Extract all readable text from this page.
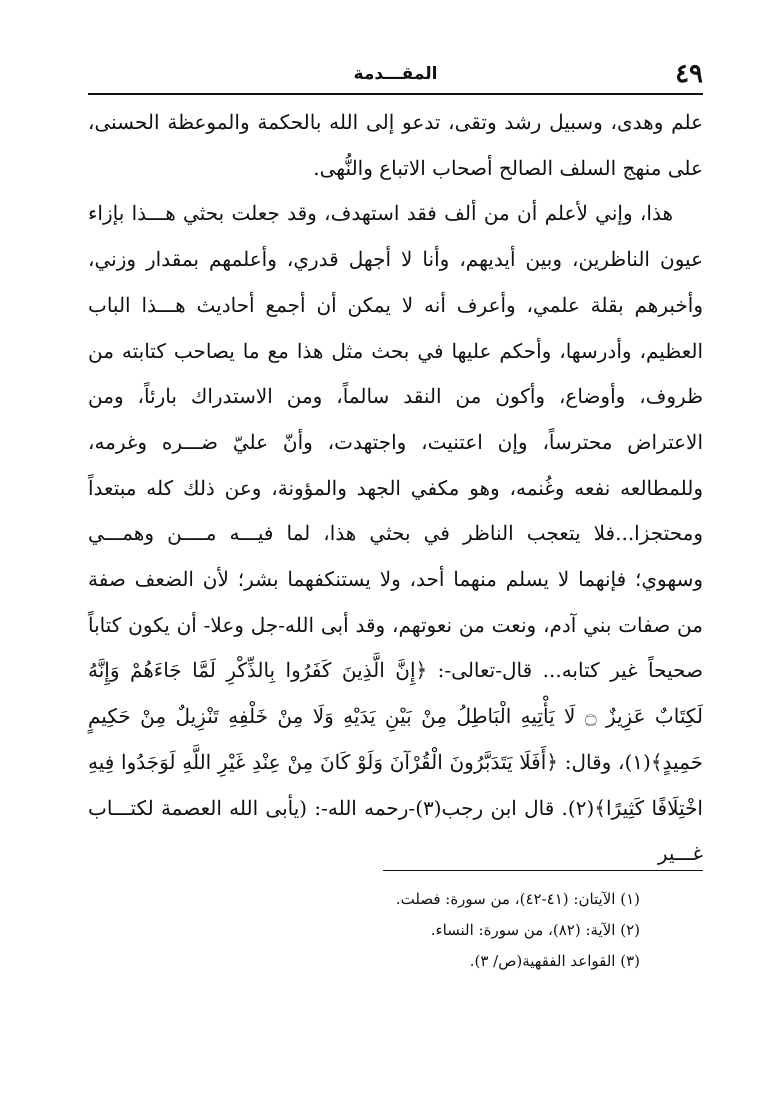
٤٩
المقـــدمة

علم وهدى، وسبيل رشد وتقى، تدعو إلى الله بالحكمة والموعظة الحسنى، على منهج السلف الصالح أصحاب الاتباع والنُّهى.

هذا، وإني لأعلم أن من ألف فقد استهدف، وقد جعلت بحثي هـــذا بإزاء عيون الناظرين، وبين أيديهم، وأنا لا أجهل قدري، وأعلمهم بمقدار وزني، وأخبرهم بقلة علمي، وأعرف أنه لا يمكن أن أجمع أحاديث هـــذا الباب العظيم، وأدرسها، وأحكم عليها في بحث مثل هذا مع ما يصاحب كتابته من ظروف، وأوضاع، وأكون من النقد سالماً، ومن الاستدراك بارئاً، ومن الاعتراض محترساً، وإن اعتنيت، واجتهدت، وأنّ عليّ ضـــره وغرمه، وللمطالعه نفعه وغُنمه، وهو مكفي الجهد والمؤونة، وعن ذلك كله مبتعداً ومحتجزا...فلا يتعجب الناظر في بحثي هذا، لما فيـــه مــــن وهمـــي وسهوي؛ فإنهما لا يسلم منهما أحد، ولا يستنكفهما بشر؛ لأن الضعف صفة من صفات بني آدم، ونعت من نعوتهم، وقد أبى الله-جل وعلا- أن يكون كتاباً صحيحاً غير كتابه... قال-تعالى-: ﴿إِنَّ الَّذِينَ كَفَرُوا بِالذِّكْرِ لَمَّا جَاءَهُمْ وَإِنَّهُ لَكِتَابٌ عَزِيزٌ ۝ لَا يَأْتِيهِ الْبَاطِلُ مِنْ بَيْنِ يَدَيْهِ وَلَا مِنْ خَلْفِهِ تَنْزِيلٌ مِنْ حَكِيمٍ حَمِيدٍ﴾(١)، وقال: ﴿أَفَلَا يَتَدَبَّرُونَ الْقُرْآنَ وَلَوْ كَانَ مِنْ عِنْدِ غَيْرِ اللَّهِ لَوَجَدُوا فِيهِ اخْتِلَافًا كَثِيرًا﴾(٢). قال ابن رجب(٣)-رحمه الله-: (يأبى الله العصمة لكتـــاب غـــير

(١) الآيتان: (٤١-٤٢)، من سورة: فصلت.
(٢) الآية: (٨٢)، من سورة: النساء.
(٣) القواعد الفقهية(ص/ ٣).
